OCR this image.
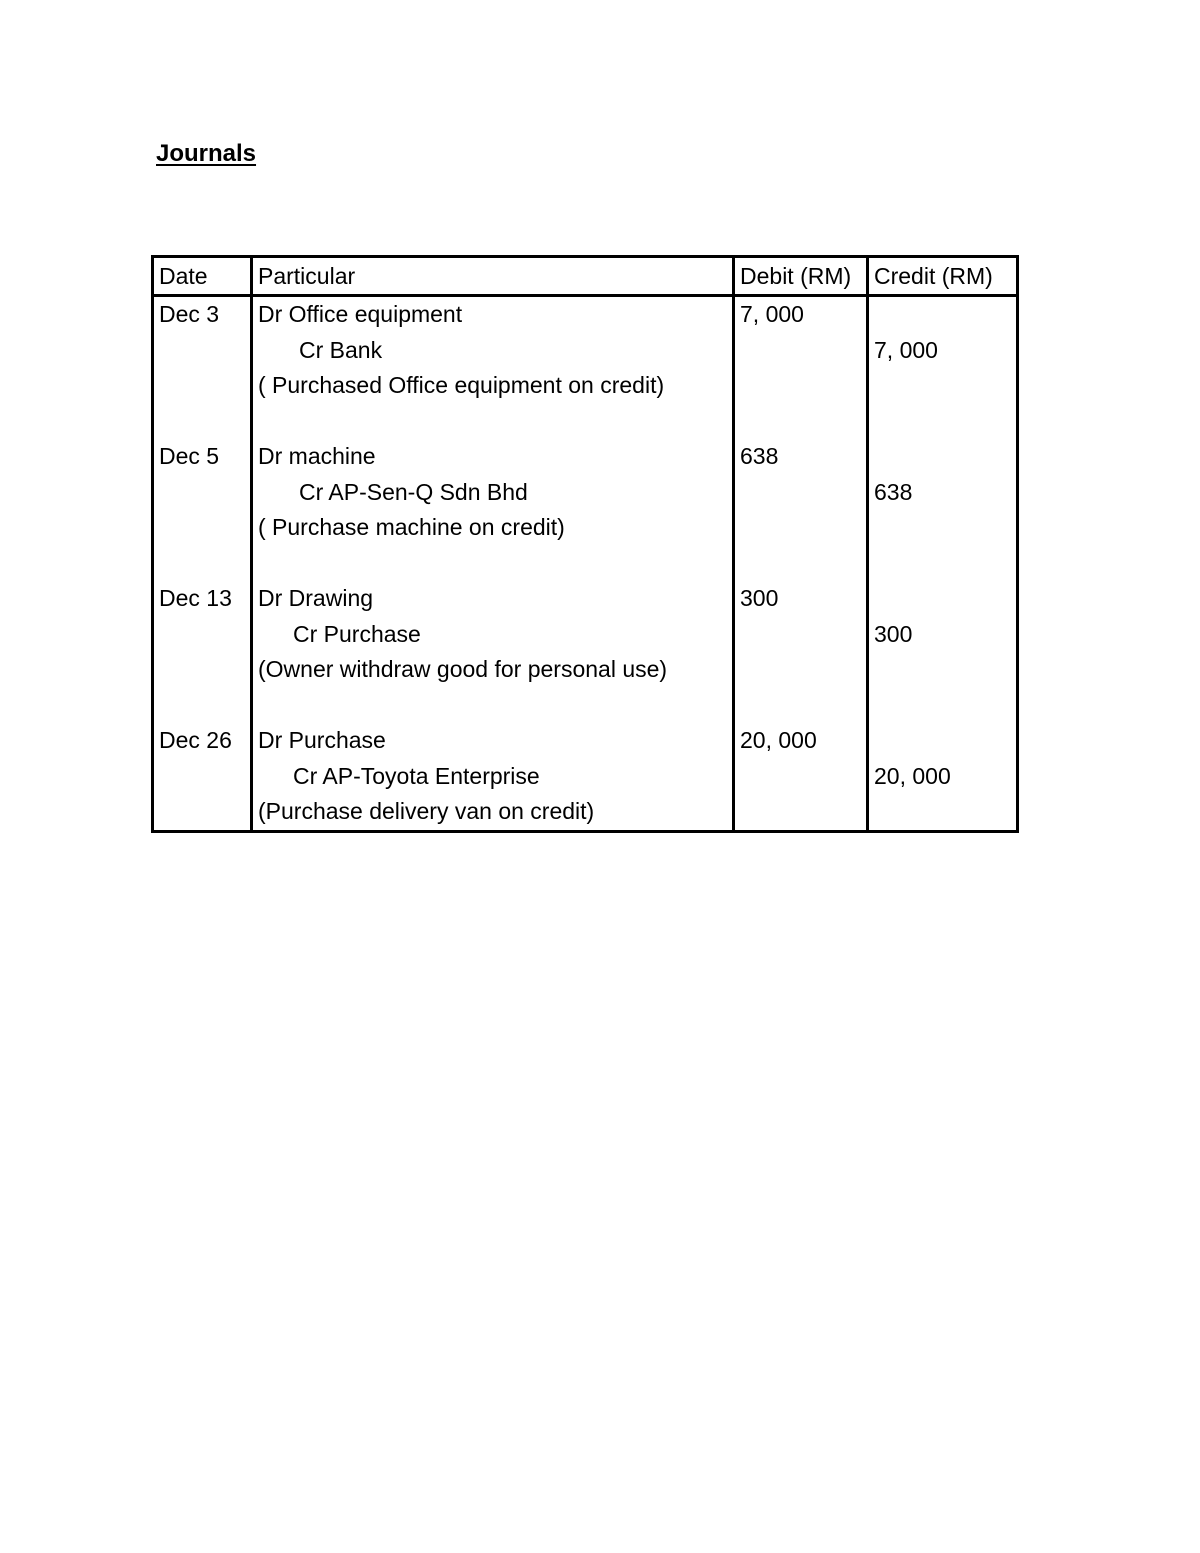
Journals
Date	Particular	Debit (RM)	Credit (RM)
Dec 3	Dr Office equipment	7, 000	
	Cr Bank		7, 000
	( Purchased Office equipment on credit)		

Dec 5	Dr machine	638	
	Cr AP-Sen-Q Sdn Bhd		638
	( Purchase machine on credit)		

Dec 13	Dr Drawing	300	
	Cr Purchase		300
	(Owner withdraw good for personal use)		

Dec 26	Dr Purchase	20, 000	
	Cr AP-Toyota Enterprise		20, 000
	(Purchase delivery van on credit)		
